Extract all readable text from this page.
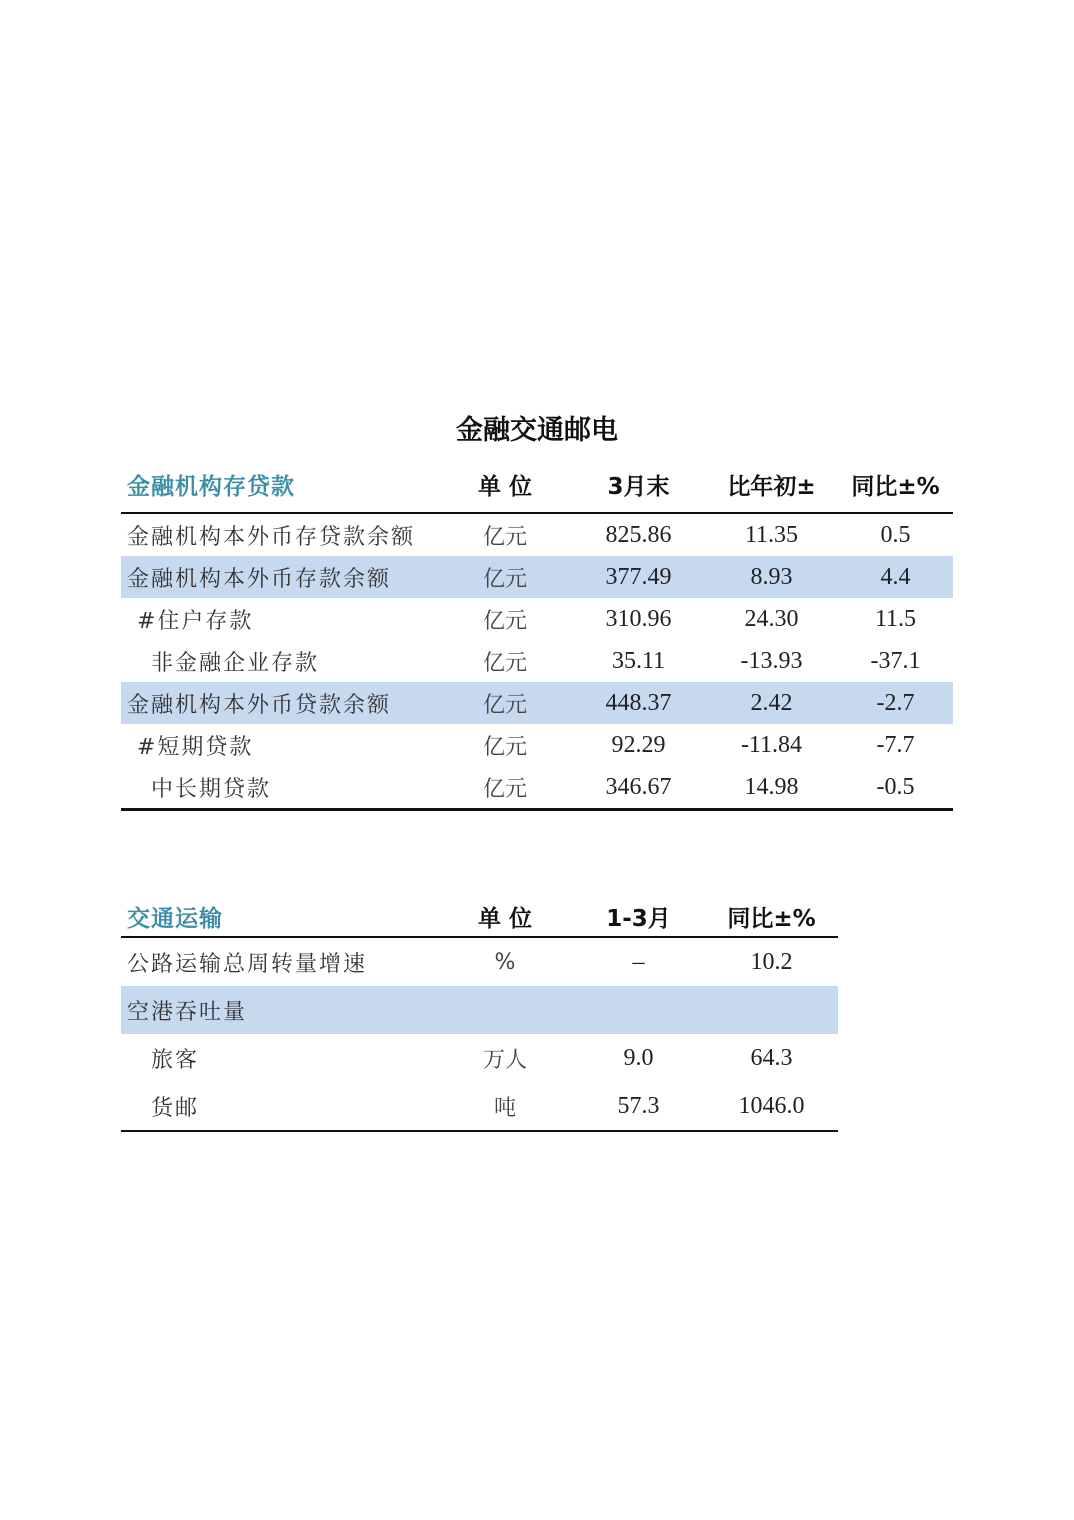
金融交通邮电
金融机构存贷款	单 位	3月末	比年初±	同比±%
金融机构本外币存贷款余额	亿元	825.86	11.35	0.5
金融机构本外币存款余额	亿元	377.49	8.93	4.4
#住户存款	亿元	310.96	24.30	11.5
非金融企业存款	亿元	35.11	-13.93	-37.1
金融机构本外币贷款余额	亿元	448.37	2.42	-2.7
#短期贷款	亿元	92.29	-11.84	-7.7
中长期贷款	亿元	346.67	14.98	-0.5
交通运输	单 位	1-3月	同比±%
公路运输总周转量增速	%	–	10.2
空港吞吐量			
旅客	万人	9.0	64.3
货邮	吨	57.3	1046.0
